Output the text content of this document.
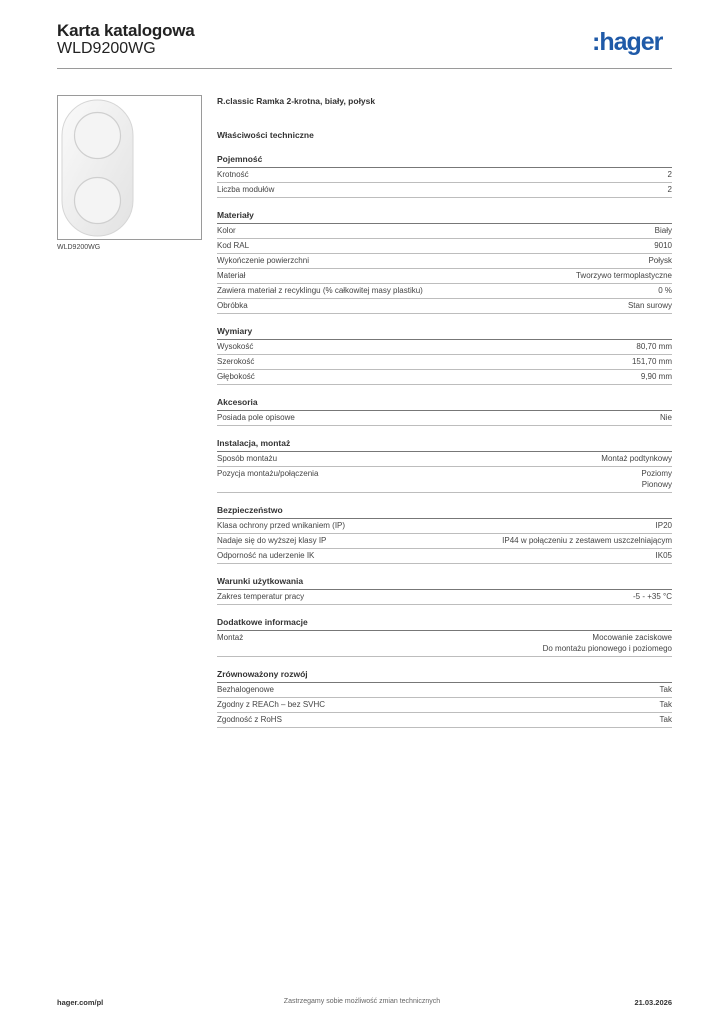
Karta katalogowa
WLD9200WG	:hager
WLD9200WG
R.classic Ramka 2-krotna, biały, połysk
Właściwości techniczne
Pojemność
Krotność	2
Liczba modułów	2
Materiały
Kolor	Biały
Kod RAL	9010
Wykończenie powierzchni	Połysk
Materiał	Tworzywo termoplastyczne
Zawiera materiał z recyklingu (% całkowitej masy plastiku)	0 %
Obróbka	Stan surowy
Wymiary
Wysokość	80,70 mm
Szerokość	151,70 mm
Głębokość	9,90 mm
Akcesoria
Posiada pole opisowe	Nie
Instalacja, montaż
Sposób montażu	Montaż podtynkowy
Pozycja montażu/połączenia	Poziomy
Pionowy
Bezpieczeństwo
Klasa ochrony przed wnikaniem (IP)	IP20
Nadaje się do wyższej klasy IP	IP44 w połączeniu z zestawem uszczelniającym
Odporność na uderzenie IK	IK05
Warunki użytkowania
Zakres temperatur pracy	-5 - +35 °C
Dodatkowe informacje
Montaż	Mocowanie zaciskowe
Do montażu pionowego i poziomego
Zrównoważony rozwój
Bezhalogenowe	Tak
Zgodny z REACh – bez SVHC	Tak
Zgodność z RoHS	Tak
hager.com/pl	Zastrzegamy sobie możliwość zmian technicznych	21.03.2026
